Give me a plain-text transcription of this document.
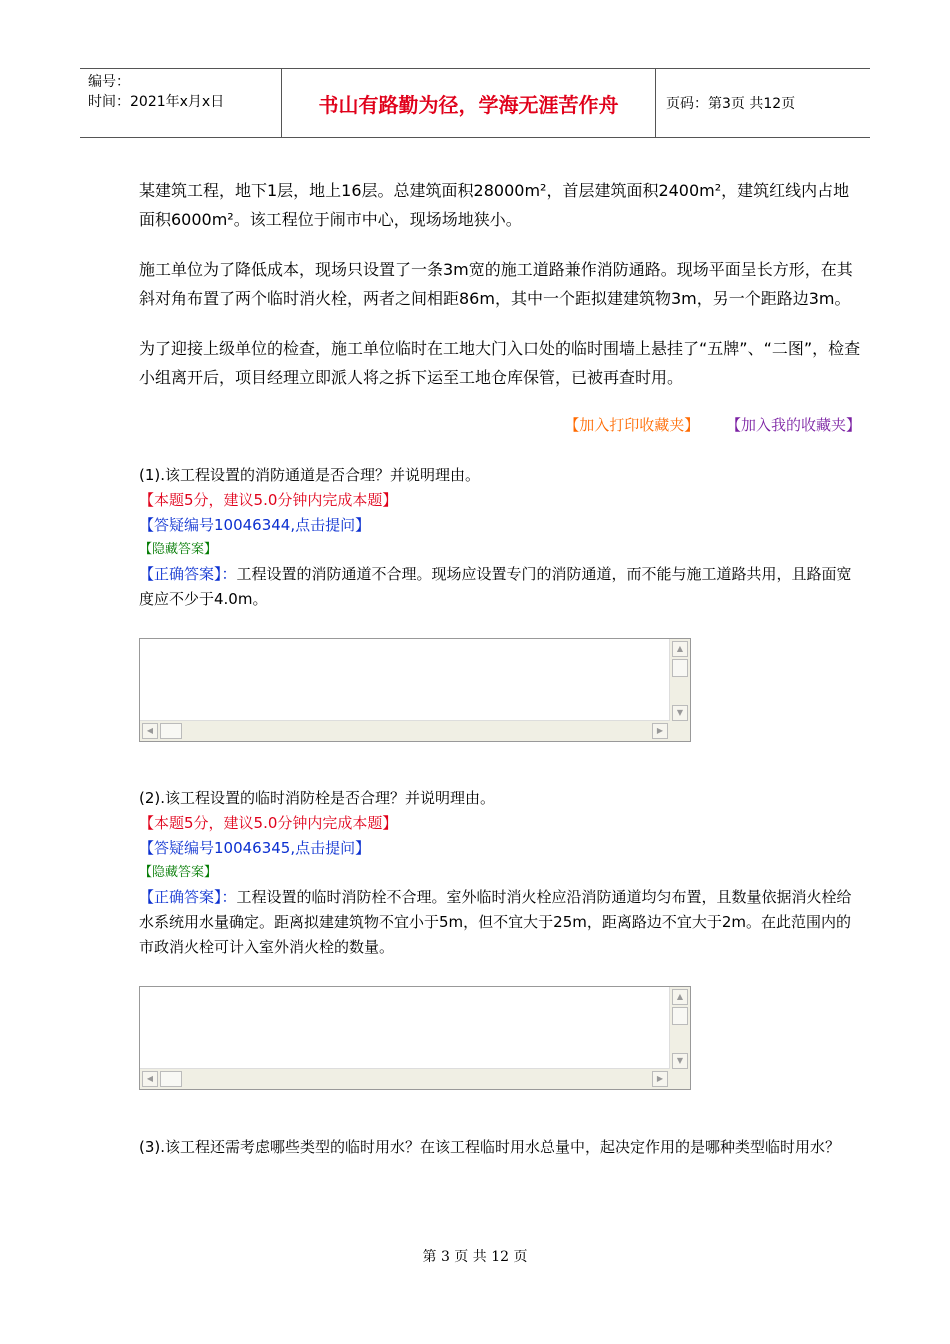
编号：
时间：2021年x月x日	书山有路勤为径，学海无涯苦作舟	页码：第3页 共12页

某建筑工程，地下1层，地上16层。总建筑面积28000m²，首层建筑面积2400m²，建筑红线内占地面积6000m²。该工程位于闹市中心，现场场地狭小。

施工单位为了降低成本，现场只设置了一条3m宽的施工道路兼作消防通路。现场平面呈长方形，在其斜对角布置了两个临时消火栓，两者之间相距86m，其中一个距拟建建筑物3m，另一个距路边3m。

为了迎接上级单位的检查，施工单位临时在工地大门入口处的临时围墙上悬挂了“五牌”、“二图”，检查小组离开后，项目经理立即派人将之拆下运至工地仓库保管，已被再查时用。

【加入打印收藏夹】 【加入我的收藏夹】
(1).该工程设置的消防通道是否合理？并说明理由。
【本题5分，建议5.0分钟内完成本题】
【答疑编号10046344,点击提问】
【隐藏答案】
【正确答案】：工程设置的消防通道不合理。现场应设置专门的消防通道，而不能与施工道路共用，且路面宽度应不少于4.0m。
▲
▼
◀	▶
(2).该工程设置的临时消防栓是否合理？并说明理由。
【本题5分，建议5.0分钟内完成本题】
【答疑编号10046345,点击提问】
【隐藏答案】
【正确答案】：工程设置的临时消防栓不合理。室外临时消火栓应沿消防通道均匀布置，且数量依据消火栓给水系统用水量确定。距离拟建建筑物不宜小于5m，但不宜大于25m，距离路边不宜大于2m。在此范围内的市政消火栓可计入室外消火栓的数量。
▲
▼
◀	▶
(3).该工程还需考虑哪些类型的临时用水？在该工程临时用水总量中，起决定作用的是哪种类型临时用水？
第 3 页 共 12 页
